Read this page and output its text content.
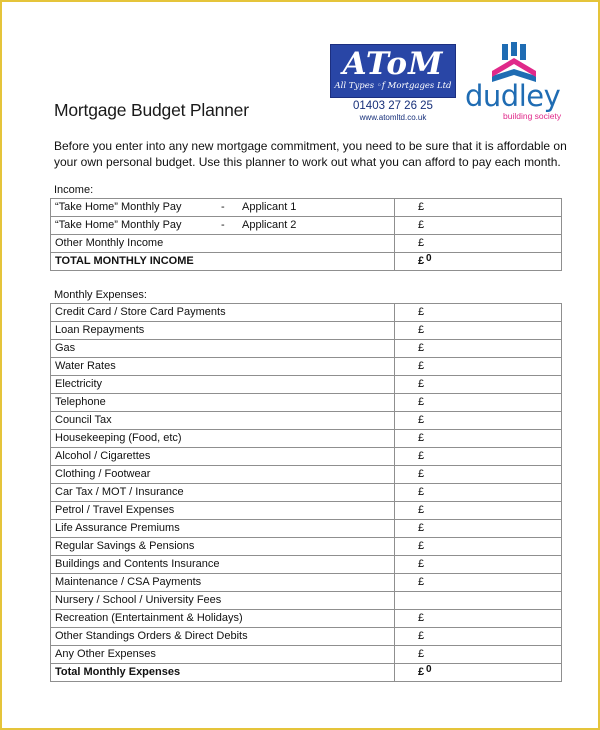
AToM
All Types ◦f Mortgages Ltd
01403 27 26 25
www.atomltd.co.uk
dudley
building society
Mortgage Budget Planner
Before you enter into any new mortgage commitment, you need to be sure that it is affordable on your own personal budget. Use this planner to work out what you can afford to pay each month.
Income:
“Take Home” Monthly Pay - Applicant 1	£

“Take Home” Monthly Pay - Applicant 2	£

Other Monthly Income	£

TOTAL MONTHLY INCOME	£ 0
Monthly Expenses:
Credit Card / Store Card Payments	£

Loan Repayments	£

Gas	£

Water Rates	£

Electricity	£

Telephone	£

Council Tax	£

Housekeeping (Food, etc)	£

Alcohol / Cigarettes	£

Clothing / Footwear	£

Car Tax / MOT / Insurance	£

Petrol / Travel Expenses	£

Life Assurance Premiums	£

Regular Savings & Pensions	£

Buildings and Contents Insurance	£

Maintenance / CSA Payments	£

Nursery / School / University Fees	

Recreation (Entertainment & Holidays)	£

Other Standings Orders & Direct Debits	£

Any Other Expenses	£

Total Monthly Expenses	£ 0
